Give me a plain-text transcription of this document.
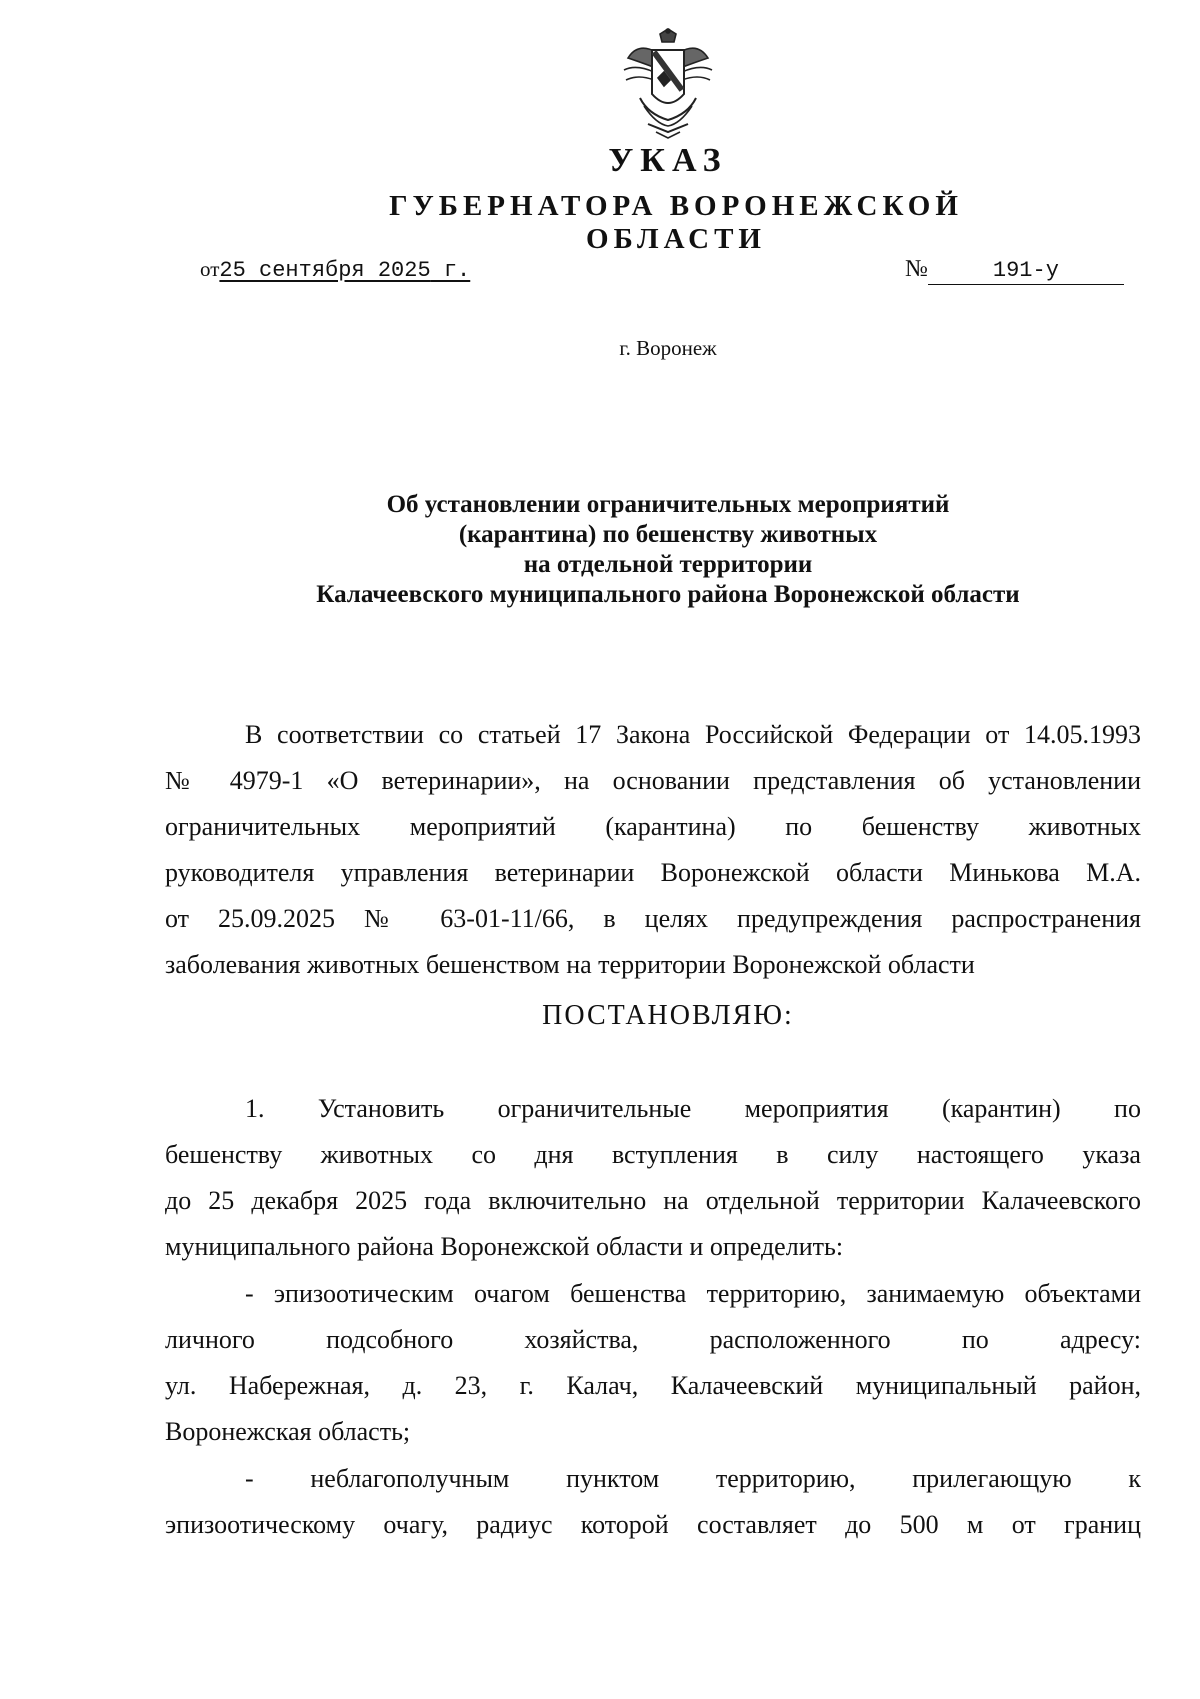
УКАЗ
ГУБЕРНАТОРА ВОРОНЕЖСКОЙ ОБЛАСТИ
от25 сентября 2025 г.	№	191-у
г. Воронеж
Об установлении ограничительных мероприятий
(карантина) по бешенству животных
на отдельной территории
Калачеевского муниципального района Воронежской области
В соответствии со статьей 17 Закона Российской Федерации от 14.05.1993
№ 4979-1 «О ветеринарии», на основании представления об установлении
ограничительных мероприятий (карантина) по бешенству животных
руководителя управления ветеринарии Воронежской области Минькова М.А.
от 25.09.2025 № 63-01-11/66, в целях предупреждения распространения
заболевания животных бешенством на территории Воронежской области
ПОСТАНОВЛЯЮ:
1. Установить ограничительные мероприятия (карантин) по
бешенству животных со дня вступления в силу настоящего указа
до 25 декабря 2025 года включительно на отдельной территории Калачеевского
муниципального района Воронежской области и определить:
- эпизоотическим очагом бешенства территорию, занимаемую объектами
личного	подсобного	хозяйства,	расположенного	по	адресу:
ул. Набережная, д. 23, г. Калач, Калачеевский муниципальный район,
Воронежская область;
- неблагополучным пунктом территорию, прилегающую к
эпизоотическому очагу, радиус которой составляет до 500 м от границ
